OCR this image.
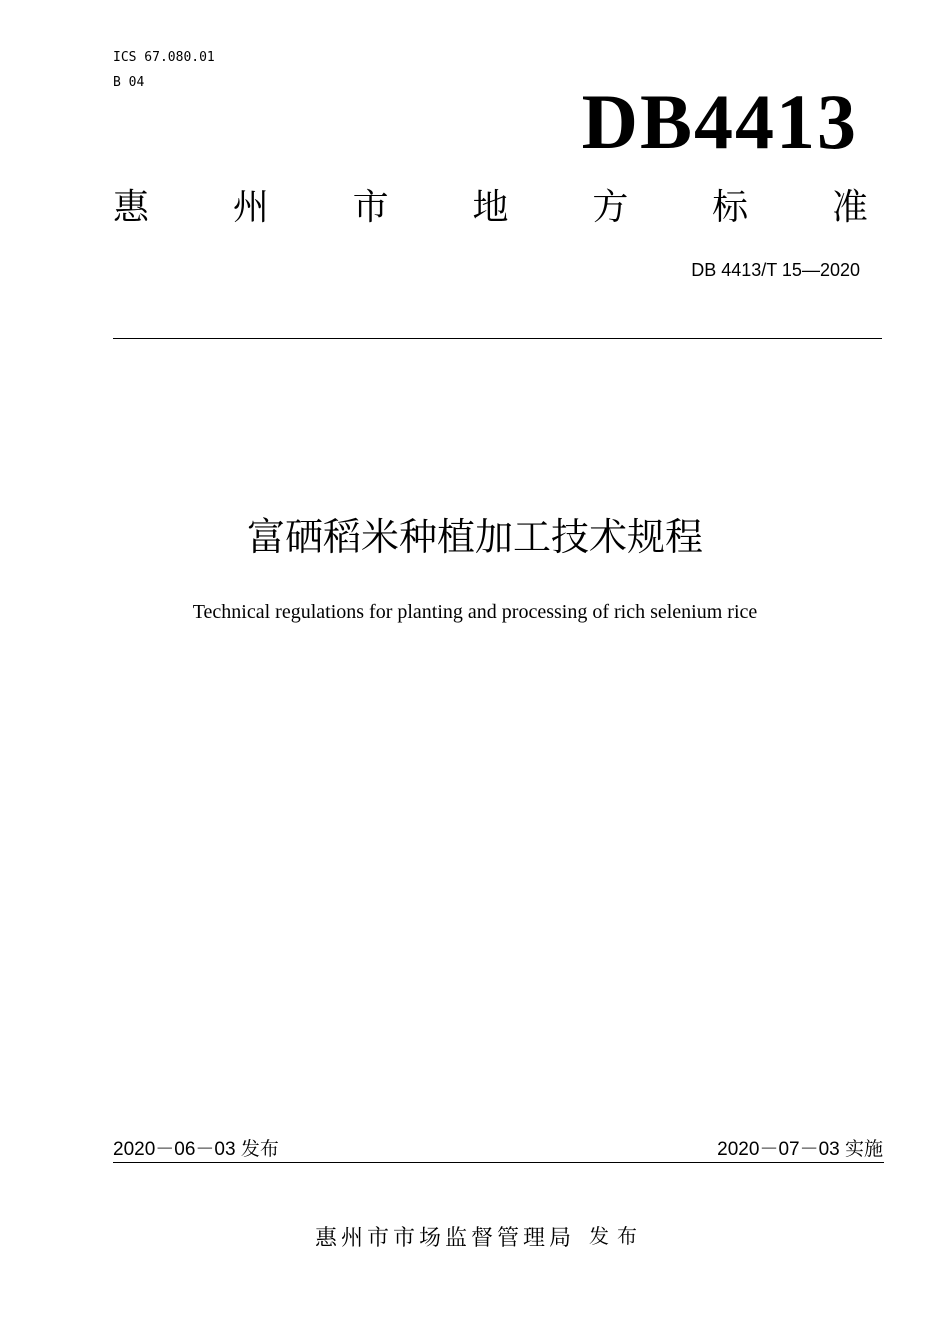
ICS 67.080.01
B 04	DB4413
惠 州 市 地 方 标 准
DB 4413/T 15—2020
富硒稻米种植加工技术规程
Technical regulations for planting and processing of rich selenium rice
2020－06－03 发布	2020－07－03 实施
惠州市市场监督管理局 发布
